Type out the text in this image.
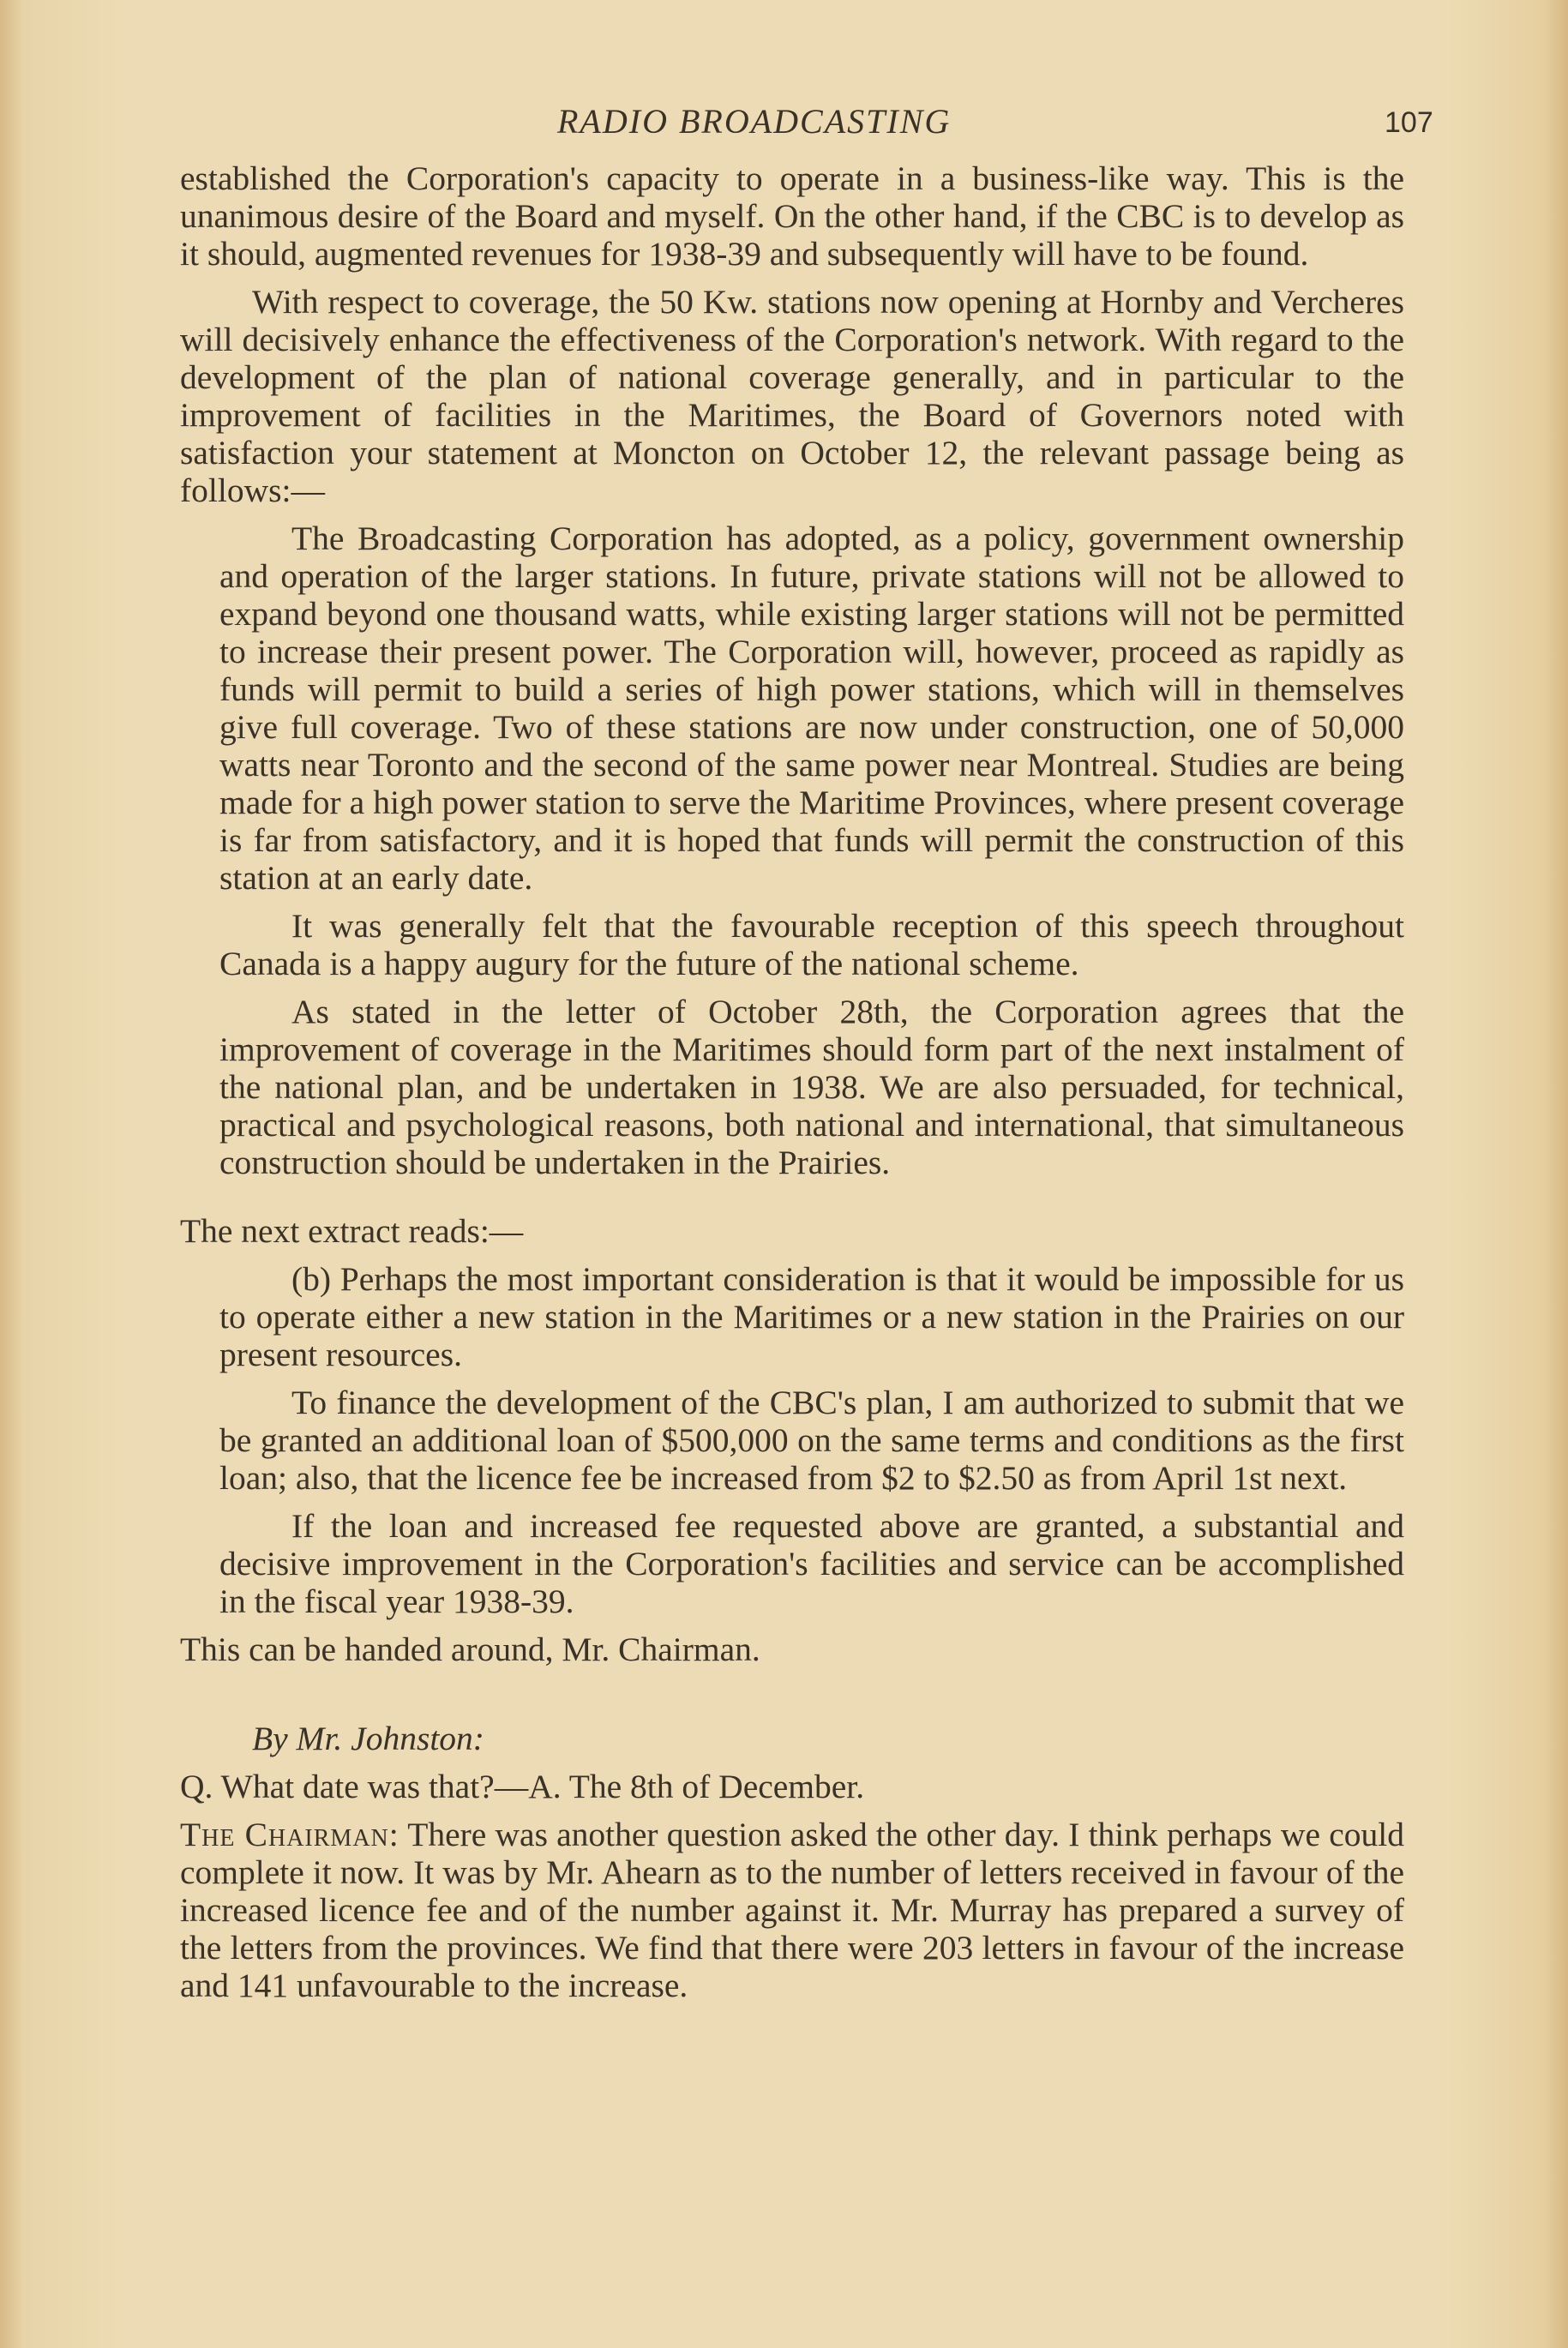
RADIO BROADCASTING	107

established the Corporation's capacity to operate in a business-like way. This is the unanimous desire of the Board and myself. On the other hand, if the CBC is to develop as it should, augmented revenues for 1938-39 and subsequently will have to be found.

With respect to coverage, the 50 Kw. stations now opening at Hornby and Vercheres will decisively enhance the effectiveness of the Corporation's network. With regard to the development of the plan of national coverage generally, and in particular to the improvement of facilities in the Maritimes, the Board of Governors noted with satisfaction your statement at Moncton on October 12, the relevant passage being as follows:—

The Broadcasting Corporation has adopted, as a policy, government ownership and operation of the larger stations. In future, private stations will not be allowed to expand beyond one thousand watts, while existing larger stations will not be permitted to increase their present power. The Corporation will, however, proceed as rapidly as funds will permit to build a series of high power stations, which will in themselves give full coverage. Two of these stations are now under construction, one of 50,000 watts near Toronto and the second of the same power near Montreal. Studies are being made for a high power station to serve the Maritime Provinces, where present coverage is far from satisfactory, and it is hoped that funds will permit the construction of this station at an early date.

It was generally felt that the favourable reception of this speech throughout Canada is a happy augury for the future of the national scheme.

As stated in the letter of October 28th, the Corporation agrees that the improvement of coverage in the Maritimes should form part of the next instalment of the national plan, and be undertaken in 1938. We are also persuaded, for technical, practical and psychological reasons, both national and international, that simultaneous construction should be undertaken in the Prairies.

The next extract reads:—

(b) Perhaps the most important consideration is that it would be impossible for us to operate either a new station in the Maritimes or a new station in the Prairies on our present resources.

To finance the development of the CBC's plan, I am authorized to submit that we be granted an additional loan of $500,000 on the same terms and conditions as the first loan; also, that the licence fee be increased from $2 to $2.50 as from April 1st next.

If the loan and increased fee requested above are granted, a substantial and decisive improvement in the Corporation's facilities and service can be accomplished in the fiscal year 1938-39.

This can be handed around, Mr. Chairman.

By Mr. Johnston:

Q. What date was that?—A. The 8th of December.

The Chairman: There was another question asked the other day. I think perhaps we could complete it now. It was by Mr. Ahearn as to the number of letters received in favour of the increased licence fee and of the number against it. Mr. Murray has prepared a survey of the letters from the provinces. We find that there were 203 letters in favour of the increase and 141 unfavourable to the increase.
